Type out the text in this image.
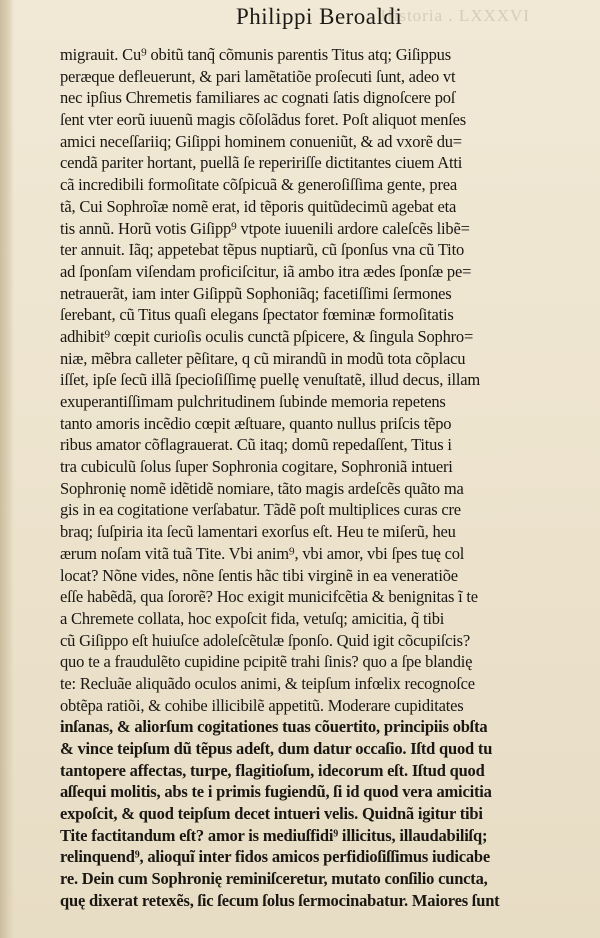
Historia . LXXXVI
Philippi Beroaldi
migrauit. Cu⁹ obitũ tanq̃ cõmunis parentis Titus atq; Giſippus
peræque defleuerunt, & pari lamẽtatiõe proſecuti ſunt, adeo vt
nec ipſius Chremetis familiares ac cognati ſatis dignoſcere poſ
ſent vter eorũ iuuenũ magis cõſolãdus foret. Poſt aliquot menſes
amici neceſſariiq; Giſippi hominem conueniũt, & ad vxorẽ du=
cendã pariter hortant, puellã ſe repeririſſe dictitantes ciuem Atti
cã incredibili formoſitate cõſpicuã & generoſiſſima gente, prea
tã, Cui Sophroĩæ nomẽ erat, id tẽporis quitũdecimũ agebat eta
tis annũ. Horũ votis Giſipp⁹ vtpote iuuenili ardore caleſcẽs libẽ=
ter annuit. Iãq; appetebat tẽpus nuptiarũ, cũ ſponſus vna cũ Tito
ad ſponſam viſendam proficiſcitur, iã ambo itra ædes ſponſæ pe=
netrauerãt, iam inter Giſippũ Sophoniãq; facetiſſimi ſermones
ſerebant, cũ Titus quaſi elegans ſpectator fœminæ formoſitatis
adhibit⁹ cœpit curioſis oculis cunctã pſpicere, & ſingula Sophro=
niæ, mẽbra calleter pẽſitare, q cũ mirandũ in modũ tota cõplacu
iſſet, ipſe ſecũ illã ſpecioſiſſimę puellę venuſtatẽ, illud decus, illam
exuperantiſſimam pulchritudinem ſubinde memoria repetens
tanto amoris incẽdio cœpit æſtuare, quanto nullus priſcis tẽpo
ribus amator cõflagrauerat. Cũ itaq; domũ repedaſſent, Titus i
tra cubiculũ ſolus ſuper Sophronia cogitare, Sophroniã intueri
Sophronię nomẽ idẽtidẽ nomiare, tãto magis ardeſcẽs quãto ma
gis in ea cogitatione verſabatur. Tãdẽ poſt multiplices curas cre
braq; ſuſpiria ita ſecũ lamentari exorſus eſt. Heu te miſerũ, heu
ærum noſam vitã tuã Tite. Vbi anim⁹, vbi amor, vbi ſpes tuę col
locat? Nõne vides, nõne ſentis hãc tibi virginẽ in ea veneratiõe
eſſe habẽdã, qua ſororẽ? Hoc exigit municifcẽtia & benignitas ĩ te
a Chremete collata, hoc expoſcit fida, vetuſq; amicitia, q̃ tibi
cũ Giſippo eſt huiuſce adoleſcẽtulæ ſponſo. Quid igit cõcupiſcis?
quo te a fraudulẽto cupidine pcipitẽ trahi ſinis? quo a ſpe blandię
te: Recluãe aliquãdo oculos animi, & teipſum infœlix recognoſce
obtẽpa ratiõi, & cohibe illicibilẽ appetitũ. Moderare cupiditates
inſanas, & aliorſum cogitationes tuas cõuertito, principiis obſta
& vince teipſum dũ tẽpus adeſt, dum datur occaſio. Iſtd quod tu
tantopere affectas, turpe, flagitioſum, idecorum eſt. Iſtud quod
aſſequi molitis, abs te i primis fugiendũ, ſi id quod vera amicitia
expoſcit, & quod teipſum decet intueri velis. Quidnã igitur tibi
Tite factitandum eſt? amor is mediuſfidi⁹ illicitus, illaudabiliſq;
relinquend⁹, alioquĩ inter fidos amicos perfidioſiſſimus iudicabe
re. Dein cum Sophronię reminiſceretur, mutato conſilio cuncta,
quę dixerat retexẽs, ſic ſecum ſolus ſermocinabatur. Maiores ſunt
